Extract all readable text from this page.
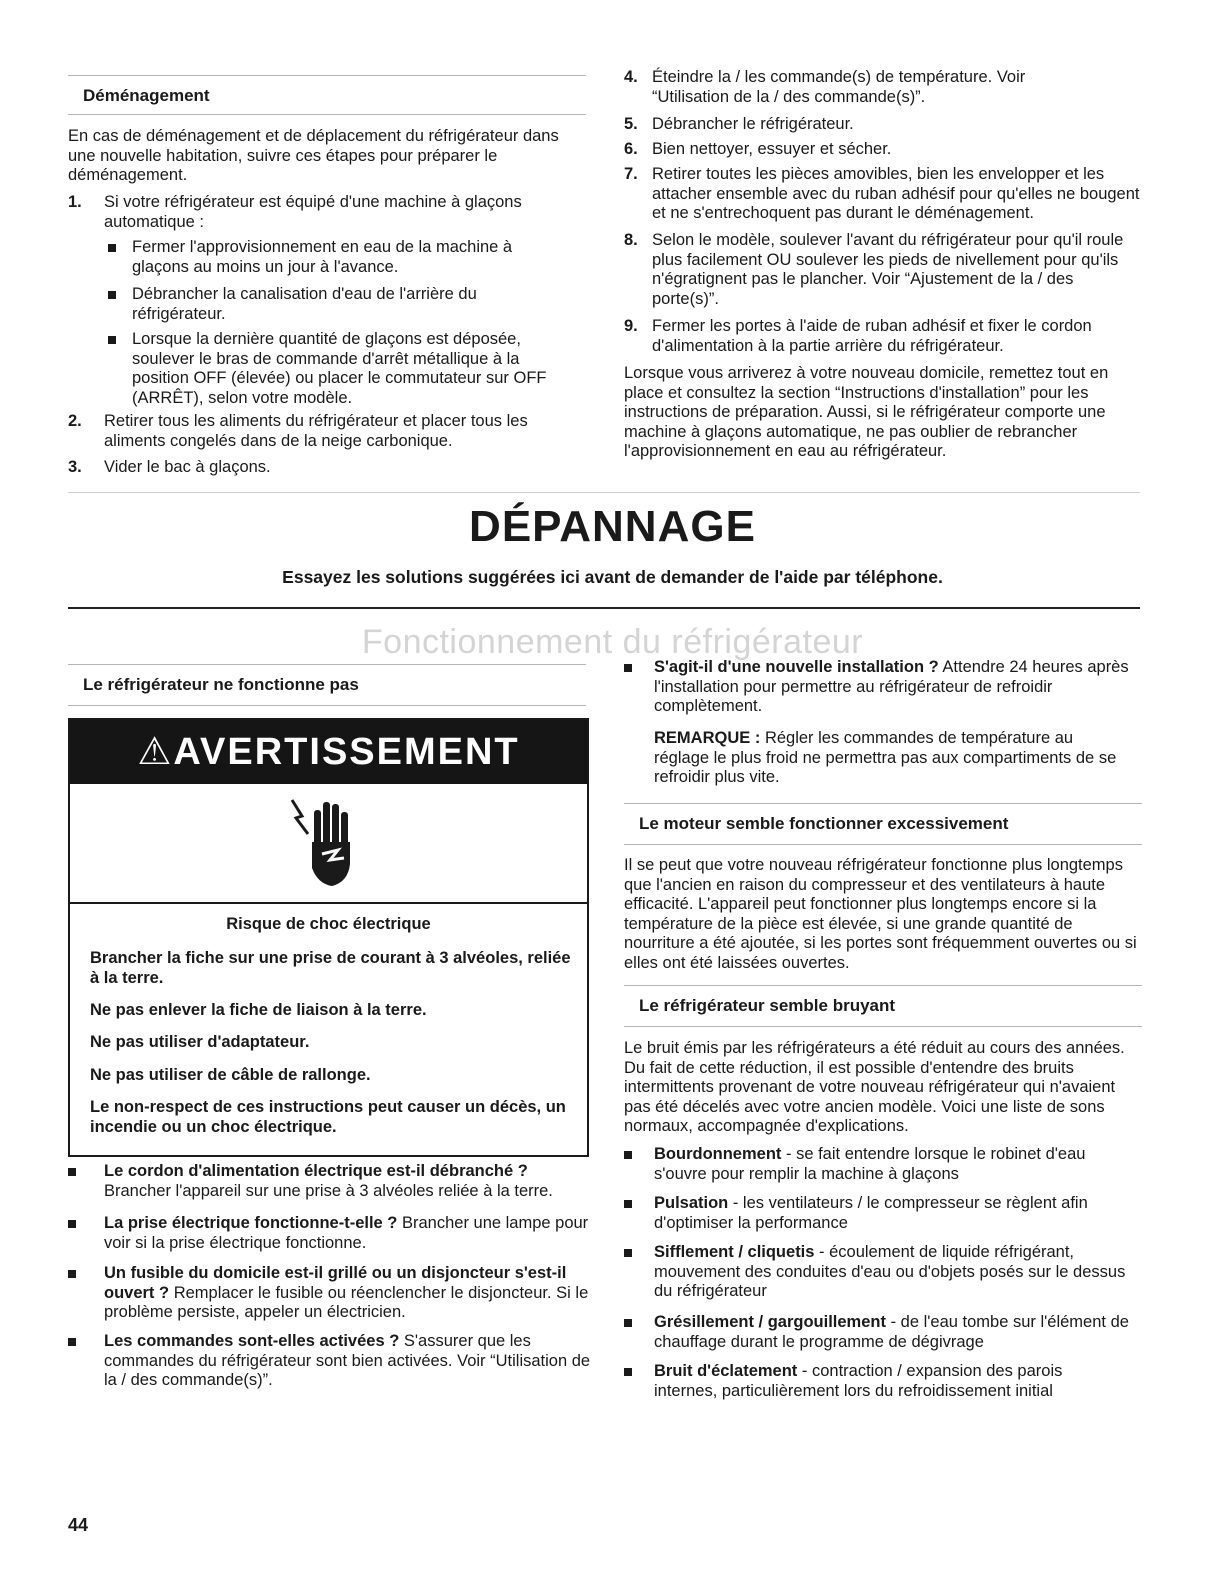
Déménagement

En cas de déménagement et de déplacement du réfrigérateur dans une nouvelle habitation, suivre ces étapes pour préparer le déménagement.

1.	Si votre réfrigérateur est équipé d'une machine à glaçons automatique :
Fermer l'approvisionnement en eau de la machine à glaçons au moins un jour à l'avance.
Débrancher la canalisation d'eau de l'arrière du réfrigérateur.
Lorsque la dernière quantité de glaçons est déposée, soulever le bras de commande d'arrêt métallique à la position OFF (élevée) ou placer le commutateur sur OFF (ARRÊT), selon votre modèle.
2.	Retirer tous les aliments du réfrigérateur et placer tous les aliments congelés dans de la neige carbonique.
3.	Vider le bac à glaçons.
4. Éteindre la / les commande(s) de température. Voir “Utilisation de la / des commande(s)”.
5. Débrancher le réfrigérateur.
6. Bien nettoyer, essuyer et sécher.
7. Retirer toutes les pièces amovibles, bien les envelopper et les attacher ensemble avec du ruban adhésif pour qu'elles ne bougent et ne s'entrechoquent pas durant le déménagement.
8. Selon le modèle, soulever l'avant du réfrigérateur pour qu'il roule plus facilement OU soulever les pieds de nivellement pour qu'ils n'égratignent pas le plancher. Voir “Ajustement de la / des porte(s)”.
9. Fermer les portes à l'aide de ruban adhésif et fixer le cordon d'alimentation à la partie arrière du réfrigérateur.

Lorsque vous arriverez à votre nouveau domicile, remettez tout en place et consultez la section “Instructions d'installation” pour les instructions de préparation. Aussi, si le réfrigérateur comporte une machine à glaçons automatique, ne pas oublier de rebrancher l'approvisionnement en eau au réfrigérateur.

DÉPANNAGE
Essayez les solutions suggérées ici avant de demander de l'aide par téléphone.
Fonctionnement du réfrigérateur
Le réfrigérateur ne fonctionne pas
⚠AVERTISSEMENT
Risque de choc électrique
Brancher la fiche sur une prise de courant à 3 alvéoles, reliée à la terre.
Ne pas enlever la fiche de liaison à la terre.
Ne pas utiliser d'adaptateur.
Ne pas utiliser de câble de rallonge.
Le non-respect de ces instructions peut causer un décès, un incendie ou un choc électrique.
Le cordon d'alimentation électrique est-il débranché ?
Brancher l'appareil sur une prise à 3 alvéoles reliée à la terre.
La prise électrique fonctionne-t-elle ? Brancher une lampe pour voir si la prise électrique fonctionne.
Un fusible du domicile est-il grillé ou un disjoncteur s'est-il ouvert ? Remplacer le fusible ou réenclencher le disjoncteur. Si le problème persiste, appeler un électricien.
Les commandes sont-elles activées ? S'assurer que les commandes du réfrigérateur sont bien activées. Voir “Utilisation de la / des commande(s)”.
S'agit-il d'une nouvelle installation ? Attendre 24 heures après l'installation pour permettre au réfrigérateur de refroidir complètement.

REMARQUE : Régler les commandes de température au réglage le plus froid ne permettra pas aux compartiments de se refroidir plus vite.

Le moteur semble fonctionner excessivement

Il se peut que votre nouveau réfrigérateur fonctionne plus longtemps que l'ancien en raison du compresseur et des ventilateurs à haute efficacité. L'appareil peut fonctionner plus longtemps encore si la température de la pièce est élevée, si une grande quantité de nourriture a été ajoutée, si les portes sont fréquemment ouvertes ou si elles ont été laissées ouvertes.

Le réfrigérateur semble bruyant

Le bruit émis par les réfrigérateurs a été réduit au cours des années. Du fait de cette réduction, il est possible d'entendre des bruits intermittents provenant de votre nouveau réfrigérateur qui n'avaient pas été décelés avec votre ancien modèle. Voici une liste de sons normaux, accompagnée d'explications.

Bourdonnement - se fait entendre lorsque le robinet d'eau s'ouvre pour remplir la machine à glaçons
Pulsation - les ventilateurs / le compresseur se règlent afin d'optimiser la performance
Sifflement / cliquetis - écoulement de liquide réfrigérant, mouvement des conduites d'eau ou d'objets posés sur le dessus du réfrigérateur
Grésillement / gargouillement - de l'eau tombe sur l'élément de chauffage durant le programme de dégivrage
Bruit d'éclatement - contraction / expansion des parois internes, particulièrement lors du refroidissement initial
44
